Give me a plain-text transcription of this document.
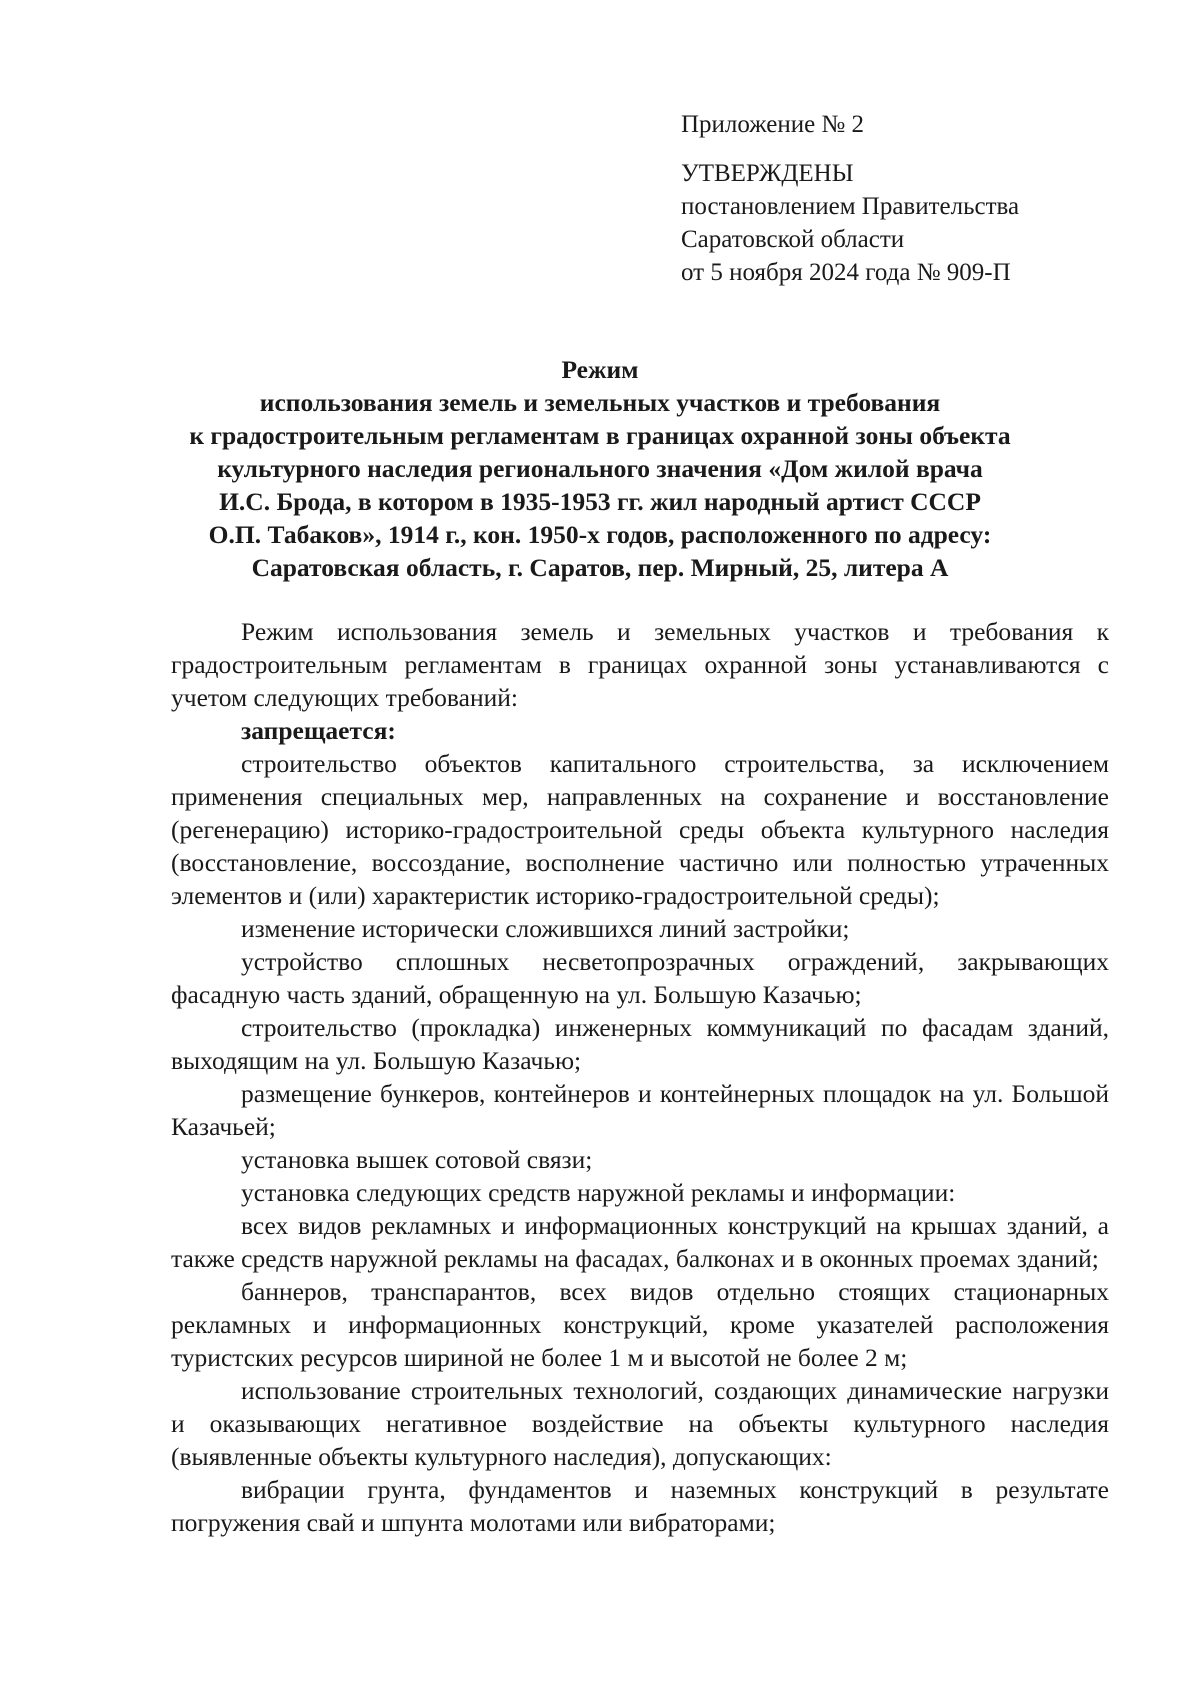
Приложение № 2
УТВЕРЖДЕНЫ
постановлением Правительства
Саратовской области
от 5 ноября 2024 года № 909-П
Режим
использования земель и земельных участков и требования
к градостроительным регламентам в границах охранной зоны объекта
культурного наследия регионального значения «Дом жилой врача
И.С. Брода, в котором в 1935-1953 гг. жил народный артист СССР
О.П. Табаков», 1914 г., кон. 1950-х годов, расположенного по адресу:
Саратовская область, г. Саратов, пер. Мирный, 25, литера А
Режим использования земель и земельных участков и требования к градостроительным регламентам в границах охранной зоны устанавливаются с учетом следующих требований:
запрещается:
строительство объектов капитального строительства, за исключением применения специальных мер, направленных на сохранение и восстановление (регенерацию) историко-градостроительной среды объекта культурного наследия (восстановление, воссоздание, восполнение частично или полностью утраченных элементов и (или) характеристик историко-градостроительной среды);
изменение исторически сложившихся линий застройки;
устройство сплошных несветопрозрачных ограждений, закрывающих фасадную часть зданий, обращенную на ул. Большую Казачью;
строительство (прокладка) инженерных коммуникаций по фасадам зданий, выходящим на ул. Большую Казачью;
размещение бункеров, контейнеров и контейнерных площадок на ул. Большой Казачьей;
установка вышек сотовой связи;
установка следующих средств наружной рекламы и информации:
всех видов рекламных и информационных конструкций на крышах зданий, а также средств наружной рекламы на фасадах, балконах и в оконных проемах зданий;
баннеров, транспарантов, всех видов отдельно стоящих стационарных рекламных и информационных конструкций, кроме указателей расположения туристских ресурсов шириной не более 1 м и высотой не более 2 м;
использование строительных технологий, создающих динамические нагрузки и оказывающих негативное воздействие на объекты культурного наследия (выявленные объекты культурного наследия), допускающих:
вибрации грунта, фундаментов и наземных конструкций в результате погружения свай и шпунта молотами или вибраторами;
